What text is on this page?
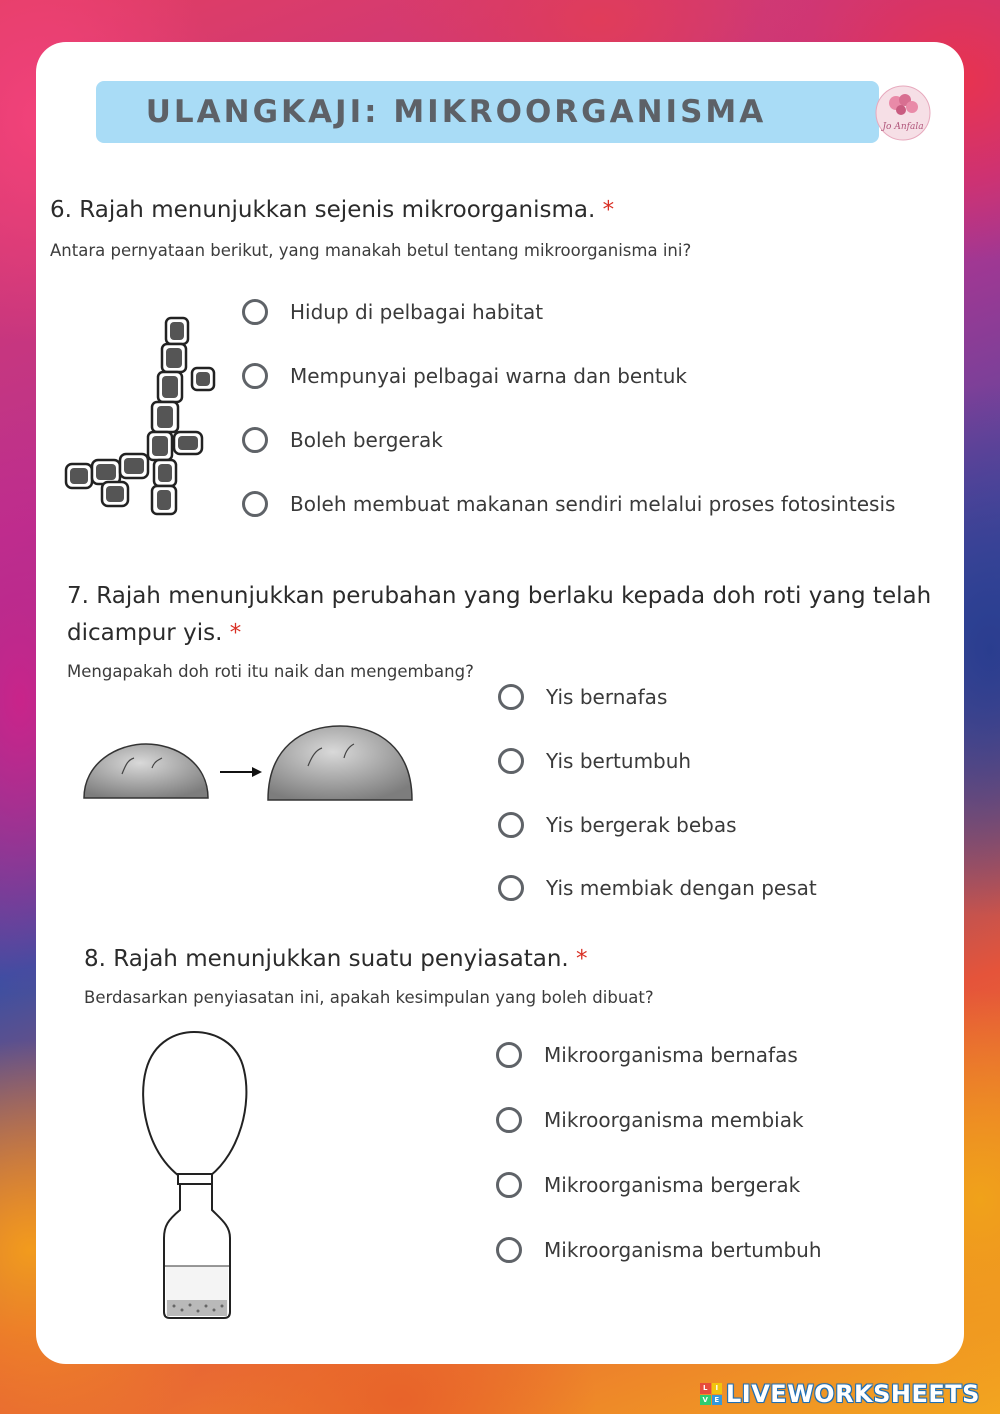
ULANGKAJI: MIKROORGANISMA	Jo Anfala
6. Rajah menunjukkan sejenis mikroorganisma. *
Antara pernyataan berikut, yang manakah betul tentang mikroorganisma ini?
Hidup di pelbagai habitat
Mempunyai pelbagai warna dan bentuk
Boleh bergerak
Boleh membuat makanan sendiri melalui proses fotosintesis
7. Rajah menunjukkan perubahan yang berlaku kepada doh roti yang telah
dicampur yis. *
Mengapakah doh roti itu naik dan mengembang?
Yis bernafas
Yis bertumbuh
Yis bergerak bebas
Yis membiak dengan pesat
8. Rajah menunjukkan suatu penyiasatan. *
Berdasarkan penyiasatan ini, apakah kesimpulan yang boleh dibuat?
Mikroorganisma bernafas
Mikroorganisma membiak
Mikroorganisma bergerak
Mikroorganisma bertumbuh
L	I
V E LIVEWORKSHEETS
